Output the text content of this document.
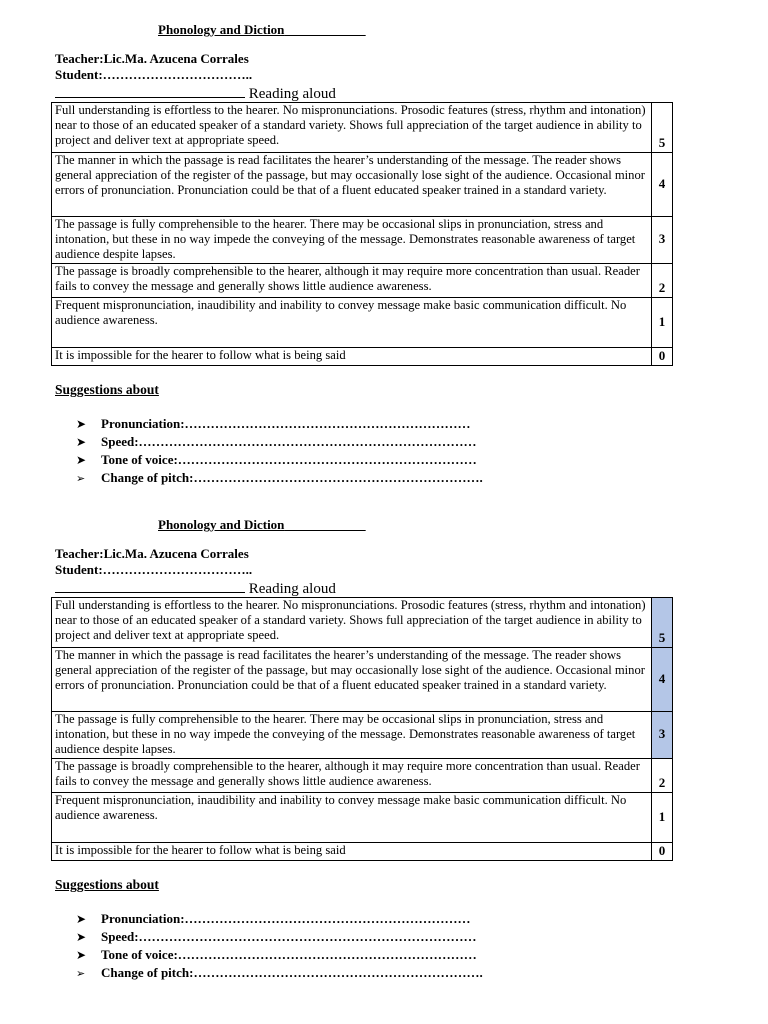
Phonology and Diction
Teacher:Lic.Ma. Azucena Corrales
Student:……………………………..
Reading aloud
Full understanding is effortless to the hearer. No mispronunciations. Prosodic features (stress, rhythm and intonation) near to those of an educated speaker of a standard variety. Shows full appreciation of the target audience in ability to project and deliver text at appropriate speed.	5
The manner in which the passage is read facilitates the hearer’s understanding of the message. The reader shows general appreciation of the register of the passage, but may occasionally lose sight of the audience. Occasional minor errors of pronunciation. Pronunciation could be that of a fluent educated speaker trained in a standard variety.	4
The passage is fully comprehensible to the hearer. There may be occasional slips in pronunciation, stress and intonation, but these in no way impede the conveying of the message. Demonstrates reasonable awareness of target audience despite lapses.	3
The passage is broadly comprehensible to the hearer, although it may require more concentration than usual. Reader fails to convey the message and generally shows little audience awareness.	2
Frequent mispronunciation, inaudibility and inability to convey message make basic communication difficult. No audience awareness.	1
It is impossible for the hearer to follow what is being said	0
Suggestions about
➤ Pronunciation:…………………………………………………………
➤ Speed:……………………………………………………………………
➤ Tone of voice:……………………………………………………………
➢ Change of pitch:………………………………………………………….
Phonology and Diction
Teacher:Lic.Ma. Azucena Corrales
Student:……………………………..
Reading aloud
Full understanding is effortless to the hearer. No mispronunciations. Prosodic features (stress, rhythm and intonation) near to those of an educated speaker of a standard variety. Shows full appreciation of the target audience in ability to project and deliver text at appropriate speed.	5
The manner in which the passage is read facilitates the hearer’s understanding of the message. The reader shows general appreciation of the register of the passage, but may occasionally lose sight of the audience. Occasional minor errors of pronunciation. Pronunciation could be that of a fluent educated speaker trained in a standard variety.	4
The passage is fully comprehensible to the hearer. There may be occasional slips in pronunciation, stress and intonation, but these in no way impede the conveying of the message. Demonstrates reasonable awareness of target audience despite lapses.	3
The passage is broadly comprehensible to the hearer, although it may require more concentration than usual. Reader fails to convey the message and generally shows little audience awareness.	2
Frequent mispronunciation, inaudibility and inability to convey message make basic communication difficult. No audience awareness.	1
It is impossible for the hearer to follow what is being said	0
Suggestions about
➤ Pronunciation:…………………………………………………………
➤ Speed:……………………………………………………………………
➤ Tone of voice:……………………………………………………………
➢ Change of pitch:………………………………………………………….
